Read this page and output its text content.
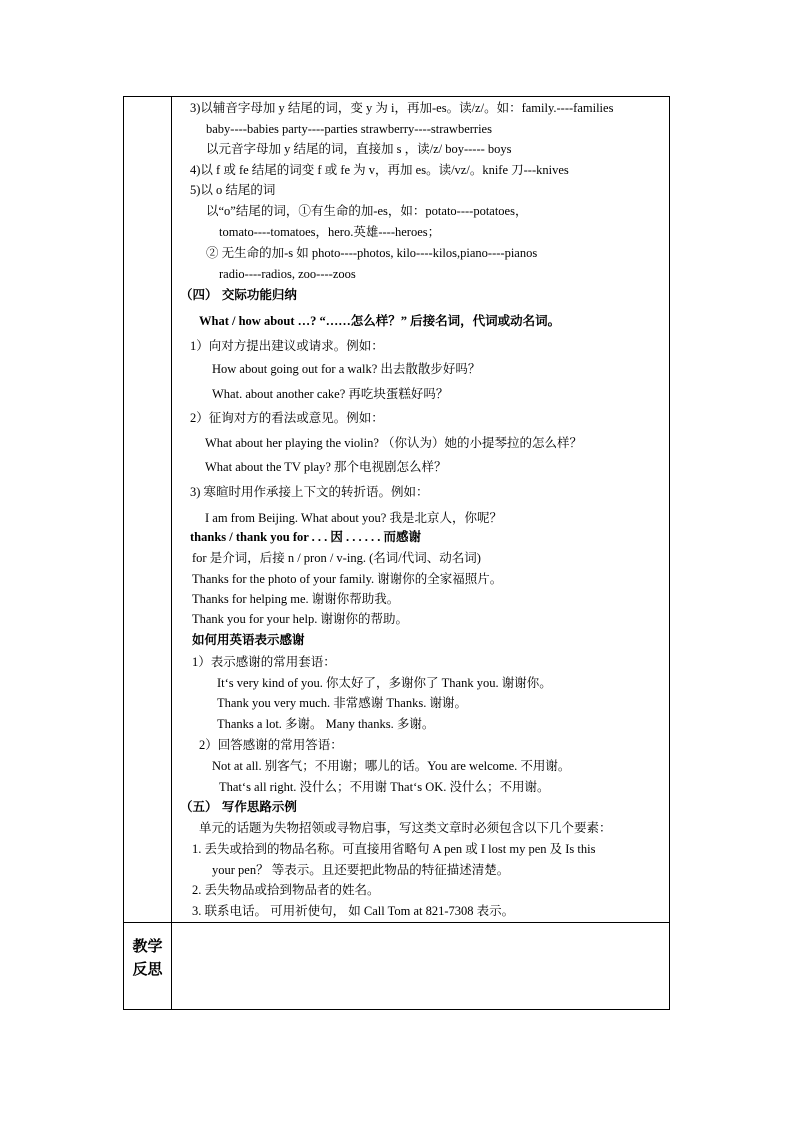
教学
反思
3)以辅音字母加 y 结尾的词，变 y 为 i，再加-es。读/z/。如：family.----families
baby----babies party----parties strawberry----strawberries
以元音字母加 y 结尾的词，直接加 s ，读/z/ boy----- boys
4)以 f 或 fe 结尾的词变 f 或 fe 为 v，再加 es。读/vz/。knife 刀---knives
5)以 o 结尾的词
以“o”结尾的词，①有生命的加-es，如：potato----potatoes，
tomato----tomatoes，hero.英雄----heroes；
② 无生命的加-s 如 photo----photos, kilo----kilos,piano----pianos
radio----radios, zoo----zoos
（四） 交际功能归纳
What / how about …? “……怎么样？” 后接名词，代词或动名词。
1）向对方提出建议或请求。例如：
How about going out for a walk? 出去散散步好吗？
What. about another cake? 再吃块蛋糕好吗？
2）征询对方的看法或意见。例如：
What about her playing the violin? （你认为）她的小提琴拉的怎么样？
What about the TV play? 那个电视剧怎么样？
3) 寒暄时用作承接上下文的转折语。例如：
I am from Beijing. What about you? 我是北京人，你呢？
thanks / thank you for . . . 因 . . . . . . 而感谢
for 是介词，后接 n / pron / v-ing. (名词/代词、动名词)
Thanks for the photo of your family. 谢谢你的全家福照片。
Thanks for helping me. 谢谢你帮助我。
Thank you for your help. 谢谢你的帮助。
如何用英语表示感谢
1）表示感谢的常用套语：
It‘s very kind of you. 你太好了，多谢你了 Thank you. 谢谢你。
Thank you very much. 非常感谢 Thanks. 谢谢。
Thanks a lot. 多谢。 Many thanks. 多谢。
2）回答感谢的常用答语：
Not at all. 别客气；不用谢；哪儿的话。You are welcome. 不用谢。
That‘s all right. 没什么；不用谢 That‘s OK. 没什么；不用谢。
（五） 写作思路示例
单元的话题为失物招领或寻物启事，写这类文章时必须包含以下几个要素：
1. 丢失或拾到的物品名称。可直接用省略句 A pen 或 I lost my pen 及 Is this
your pen？ 等表示。且还要把此物品的特征描述清楚。
2. 丢失物品或拾到物品者的姓名。
3. 联系电话。 可用祈使句， 如 Call Tom at 821-7308 表示。
